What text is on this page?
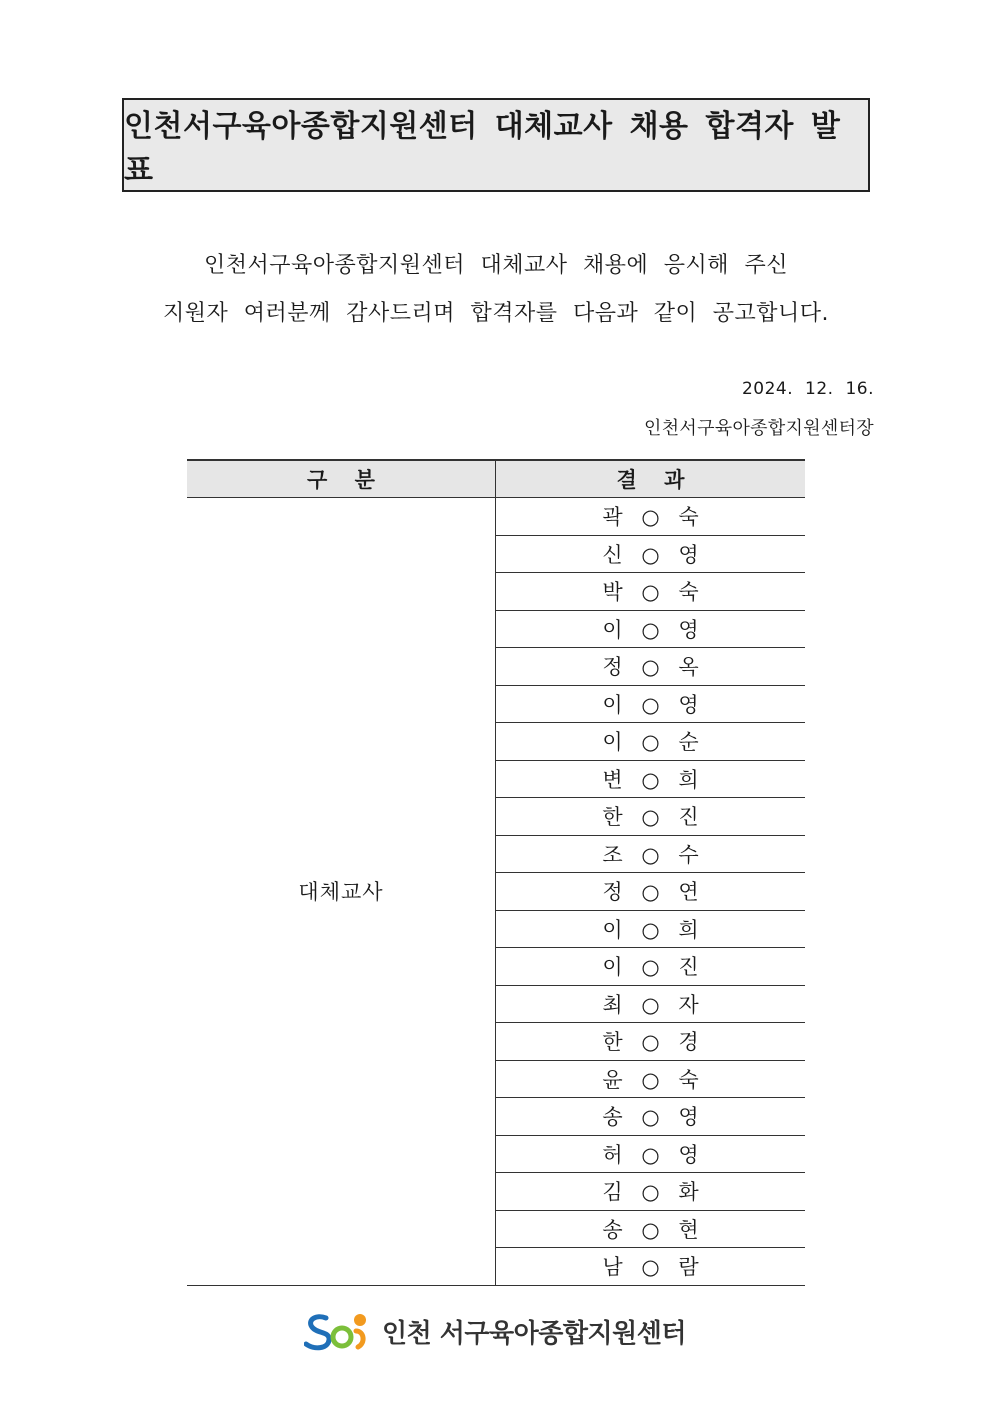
인천서구육아종합지원센터 대체교사 채용 합격자 발표
인천서구육아종합지원센터 대체교사 채용에 응시해 주신
지원자 여러분께 감사드리며 합격자를 다음과 같이 공고합니다.
2024. 12. 16.
인천서구육아종합지원센터장
구 분	결 과
대체교사	곽 ○ 숙
	신 ○ 영
	박 ○ 숙
	이 ○ 영
	정 ○ 옥
	이 ○ 영
	이 ○ 순
	변 ○ 희
	한 ○ 진
	조 ○ 수
	정 ○ 연
	이 ○ 희
	이 ○ 진
	최 ○ 자
	한 ○ 경
	윤 ○ 숙
	송 ○ 영
	허 ○ 영
	김 ○ 화
	송 ○ 현
	남 ○ 람
인천 서구육아종합지원센터
